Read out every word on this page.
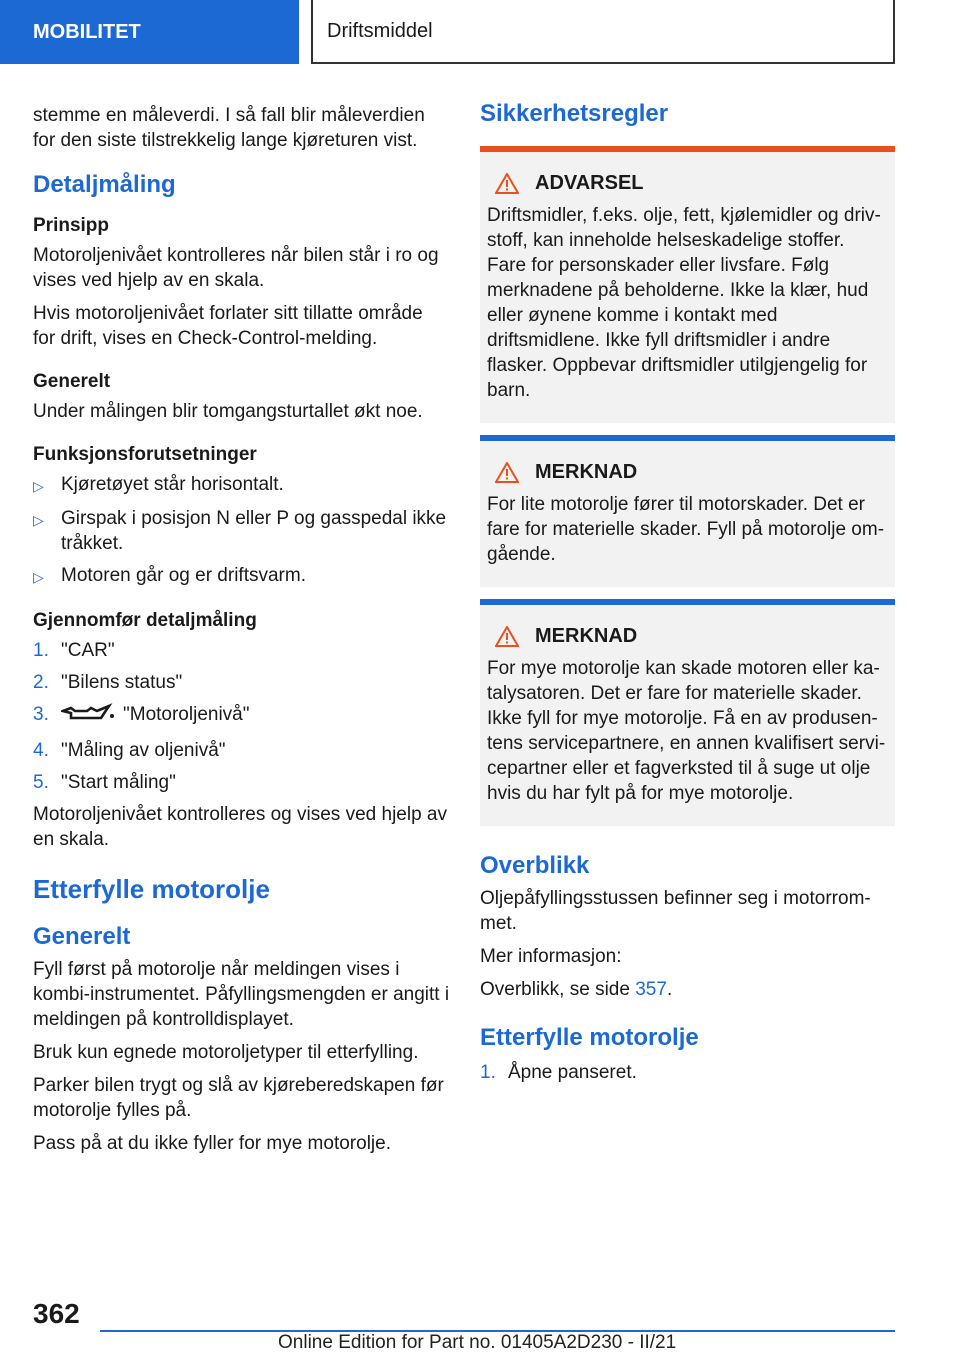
MOBILITET	Driftsmiddel

stemme en måleverdi. I så fall blir måleverdien for den siste tilstrekkelig lange kjøreturen vist.

Detaljmåling
Prinsipp

Motoroljenivået kontrolleres når bilen står i ro og vises ved hjelp av en skala.

Hvis motoroljenivået forlater sitt tillatte område for drift, vises en Check-Control-melding.

Generelt

Under målingen blir tomgangsturtallet økt noe.

Funksjonsforutsetninger
▷ Kjøretøyet står horisontalt.
▷ Girspak i posisjon N eller P og gasspedal ikke tråkket.
▷ Motoren går og er driftsvarm.
Gjennomfør detaljmåling
1. "CAR"
2. "Bilens status"
3.	"Motoroljenivå"
4. "Måling av oljenivå"
5. "Start måling"

Motoroljenivået kontrolleres og vises ved hjelp av en skala.

Etterfylle motorolje
Generelt

Fyll først på motorolje når meldingen vises i kombi-instrumentet. Påfyllingsmengden er angitt i meldingen på kontrolldisplayet.

Bruk kun egnede motoroljetyper til etterfylling.

Parker bilen trygt og slå av kjøreberedskapen før motorolje fylles på.

Pass på at du ikke fyller for mye motorolje.

Sikkerhetsregler
ADVARSEL

Driftsmidler, f.eks. olje, fett, kjølemidler og drivstoff, kan inneholde helseskadelige stoffer. Fare for personskader eller livsfare. Følg merknadene på beholderne. Ikke la klær, hud eller øynene komme i kontakt med driftsmidlene. Ikke fyll driftsmidler i andre flasker. Oppbevar driftsmidler utilgjengelig for barn.

MERKNAD

For lite motorolje fører til motorskader. Det er fare for materielle skader. Fyll på motorolje omgående.

MERKNAD

For mye motorolje kan skade motoren eller katalysatoren. Det er fare for materielle skader. Ikke fyll for mye motorolje. Få en av produsentens servicepartnere, en annen kvalifisert servicepartner eller et fagverksted til å suge ut olje hvis du har fylt på for mye motorolje.

Overblikk

Oljepåfyllingsstussen befinner seg i motorrommet.

Mer informasjon:

Overblikk, se side 357.

Etterfylle motorolje
1. Åpne panseret.
362
Online Edition for Part no. 01405A2D230 - II/21
